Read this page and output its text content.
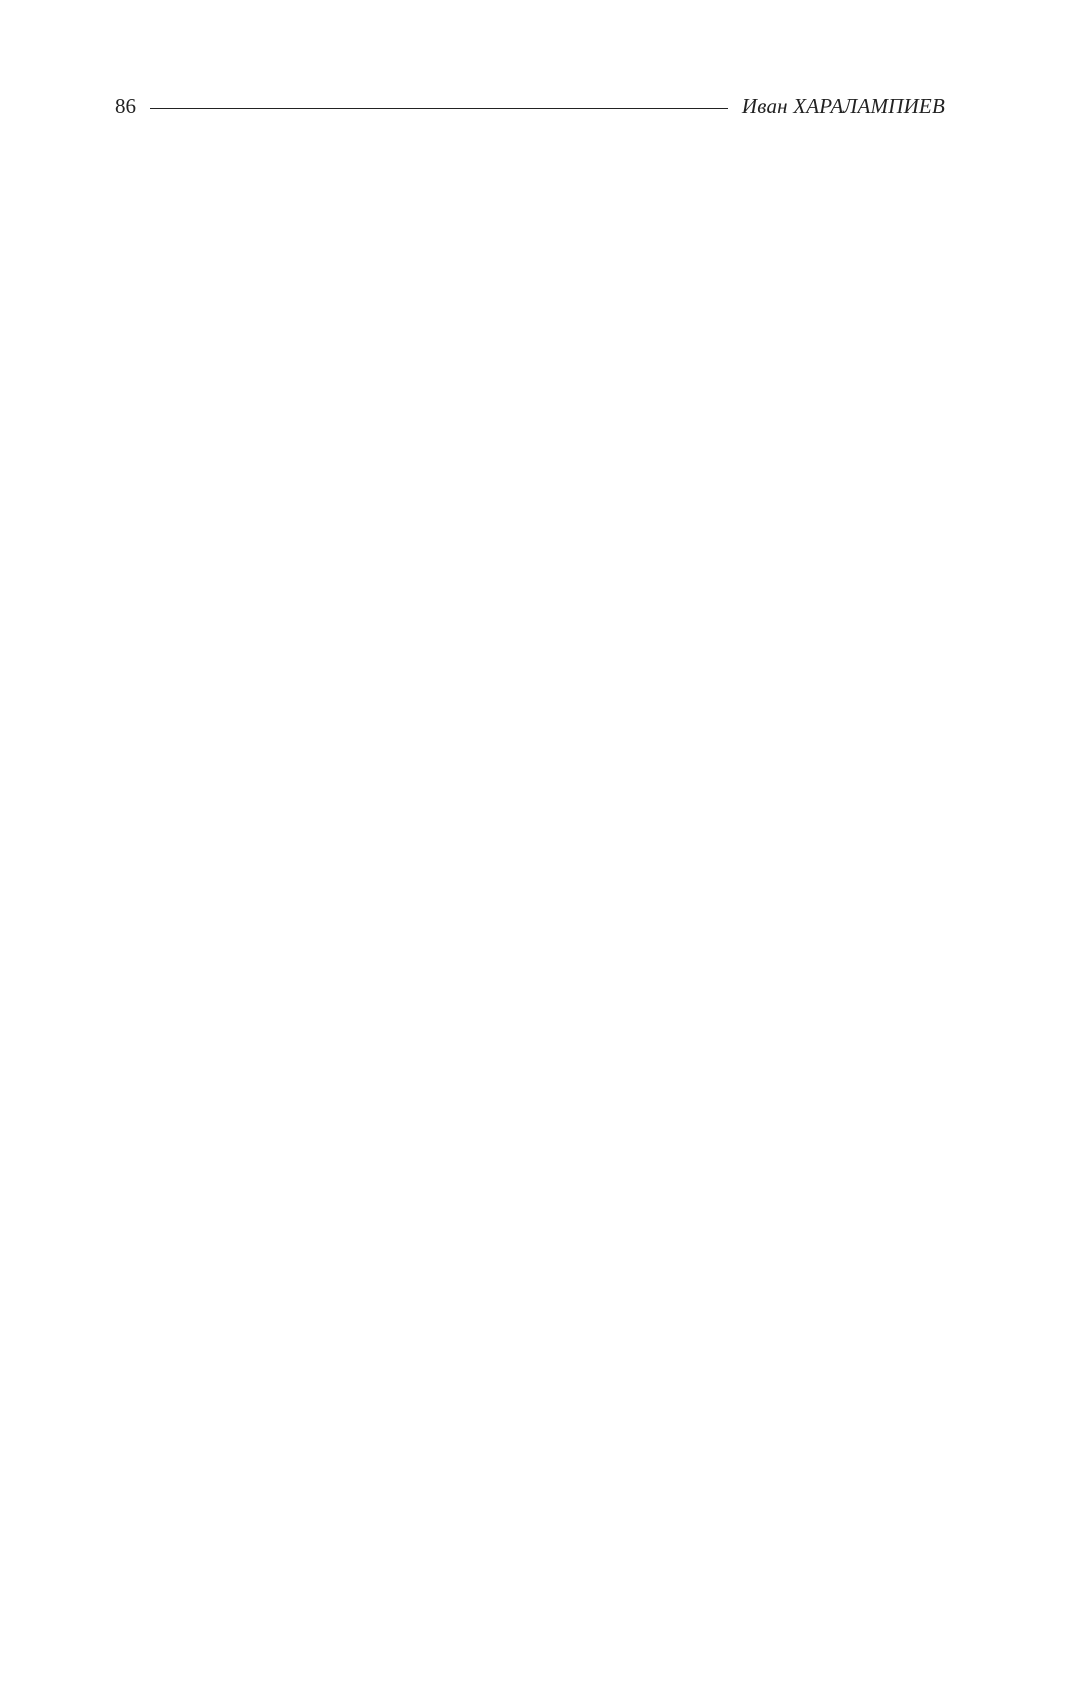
86	Иван ХАРАЛАМПИЕВ
